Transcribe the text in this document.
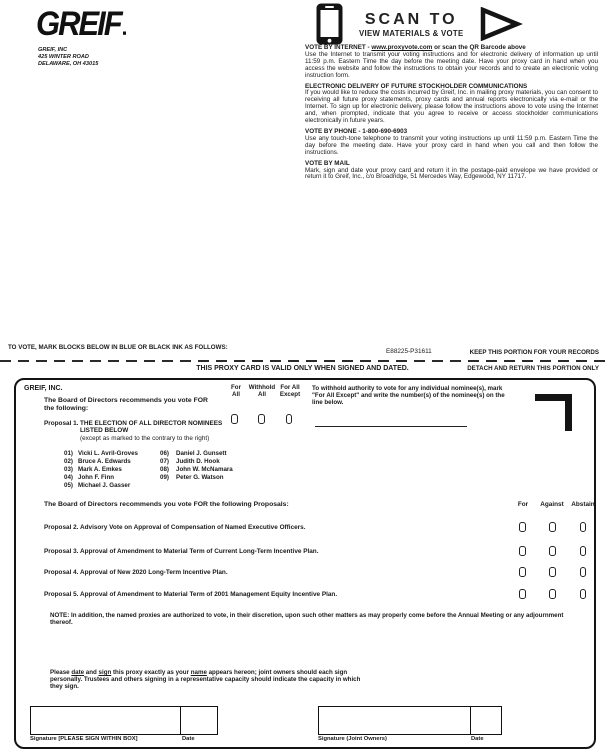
GREIF
GREIF, INC
425 WINTER ROAD
DELAWARE, OH 43015
SCAN TO
VIEW MATERIALS & VOTE

VOTE BY INTERNET - www.proxyvote.com or scan the QR Barcode above
Use the Internet to transmit your voting instructions and for electronic delivery of information up until 11:59 p.m. Eastern Time the day before the meeting date. Have your proxy card in hand when you access the website and follow the instructions to obtain your records and to create an electronic voting instruction form.

ELECTRONIC DELIVERY OF FUTURE STOCKHOLDER COMMUNICATIONS
If you would like to reduce the costs incurred by Greif, Inc. in mailing proxy materials, you can consent to receiving all future proxy statements, proxy cards and annual reports electronically via e-mail or the Internet. To sign up for electronic delivery, please follow the instructions above to vote using the Internet and, when prompted, indicate that you agree to receive or access stockholder communications electronically in future years.

VOTE BY PHONE - 1-800-690-6903
Use any touch-tone telephone to transmit your voting instructions up until 11:59 p.m. Eastern Time the day before the meeting date. Have your proxy card in hand when you call and then follow the instructions.

VOTE BY MAIL
Mark, sign and date your proxy card and return it in the postage-paid envelope we have provided or return it to Greif, Inc., c/o Broadridge, 51 Mercedes Way, Edgewood, NY 11717.

TO VOTE, MARK BLOCKS BELOW IN BLUE OR BLACK INK AS FOLLOWS:
E88225-P31611	KEEP THIS PORTION FOR YOUR RECORDS
THIS PROXY CARD IS VALID ONLY WHEN SIGNED AND DATED.	DETACH AND RETURN THIS PORTION ONLY
GREIF, INC.	For
All
Withhold
All
For All
Except
To withhold authority to vote for any individual nominee(s), mark "For All Except" and write the number(s) of the nominee(s) on the line below.
The Board of Directors recommends you vote FOR the following:
Proposal 1. THE ELECTION OF ALL DIRECTOR NOMINEES LISTED BELOW
(except as marked to the contrary to the right)
01) Vicki L. Avril-Groves	06)	Daniel J. Gunsett
02) Bruce A. Edwards	07)	Judith D. Hook
03) Mark A. Emkes	08)	John W. McNamara
04) John F. Finn	09)	Peter G. Watson
05) Michael J. Gasser
The Board of Directors recommends you vote FOR the following Proposals:	For	Against	Abstain
Proposal 2. Advisory Vote on Approval of Compensation of Named Executive Officers.
Proposal 3. Approval of Amendment to Material Term of Current Long-Term Incentive Plan.
Proposal 4. Approval of New 2020 Long-Term Incentive Plan.
Proposal 5. Approval of Amendment to Material Term of 2001 Management Equity Incentive Plan.
NOTE: In addition, the named proxies are authorized to vote, in their discretion, upon such other matters as may properly come before the Annual Meeting or any adjournment thereof.
Please date and sign this proxy exactly as your name appears hereon; joint owners should each sign personally. Trustees and others signing in a representative capacity should indicate the capacity in which they sign.
Signature [PLEASE SIGN WITHIN BOX]	Date	Signature (Joint Owners)	Date
